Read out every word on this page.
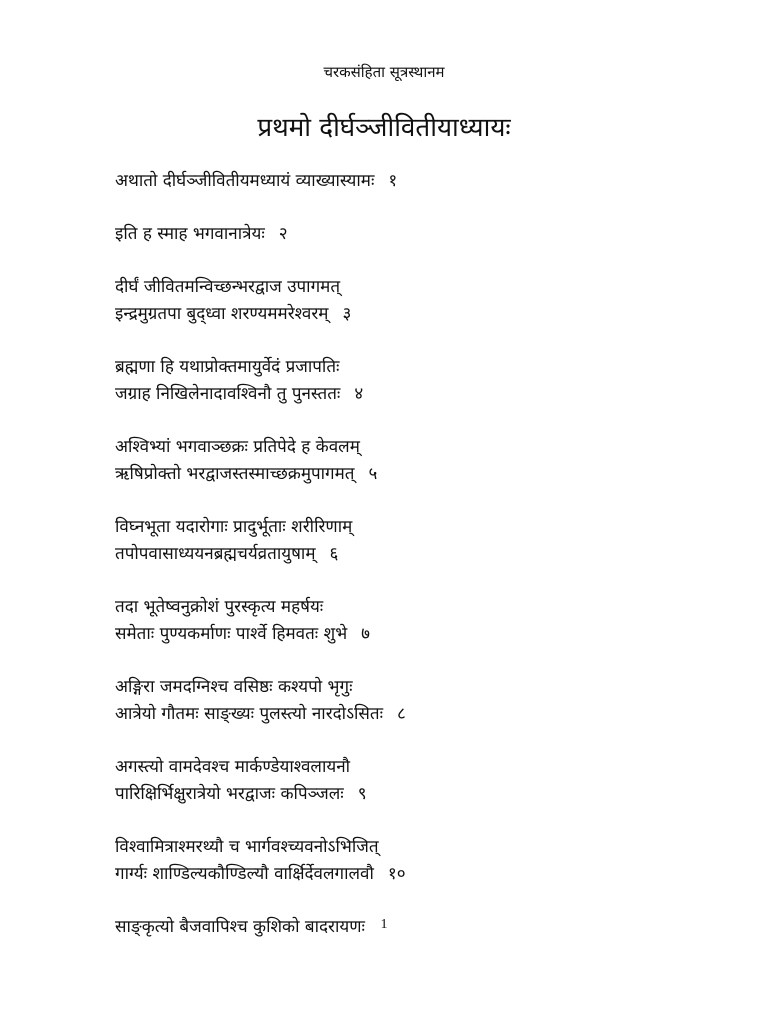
चरकसंहिता सूत्रस्थानम
प्रथमो दीर्घञ्जीवितीयाध्यायः
अथातो दीर्घञ्जीवितीयमध्यायं व्याख्यास्यामः १
इति ह स्माह भगवानात्रेयः २
दीर्घं जीवितमन्विच्छन्भरद्वाज उपागमत्
इन्द्रमुग्रतपा बुद्ध्वा शरण्यममरेश्वरम् ३
ब्रह्मणा हि यथाप्रोक्तमायुर्वेदं प्रजापतिः
जग्राह निखिलेनादावश्विनौ तु पुनस्ततः ४
अश्विभ्यां भगवाञ्छक्रः प्रतिपेदे ह केवलम्
ऋषिप्रोक्तो भरद्वाजस्तस्माच्छक्रमुपागमत् ५
विघ्नभूता यदारोगाः प्रादुर्भूताः शरीरिणाम्
तपोपवासाध्ययनब्रह्मचर्यव्रतायुषाम् ६
तदा भूतेष्वनुक्रोशं पुरस्कृत्य महर्षयः
समेताः पुण्यकर्माणः पार्श्वे हिमवतः शुभे ७
अङ्गिरा जमदग्निश्च वसिष्ठः कश्यपो भृगुः
आत्रेयो गौतमः साङ्ख्यः पुलस्त्यो नारदोऽसितः ८
अगस्त्यो वामदेवश्च मार्कण्डेयाश्वलायनौ
पारिक्षिर्भिक्षुरात्रेयो भरद्वाजः कपिञ्जलः ९
विश्वामित्राश्मरथ्यौ च भार्गवश्च्यवनोऽभिजित्
गार्ग्यः शाण्डिल्यकौण्डिल्यौ वार्क्षिर्देवलगालवौ १०
साङ्कृत्यो बैजवापिश्च कुशिको बादरायणः	1
